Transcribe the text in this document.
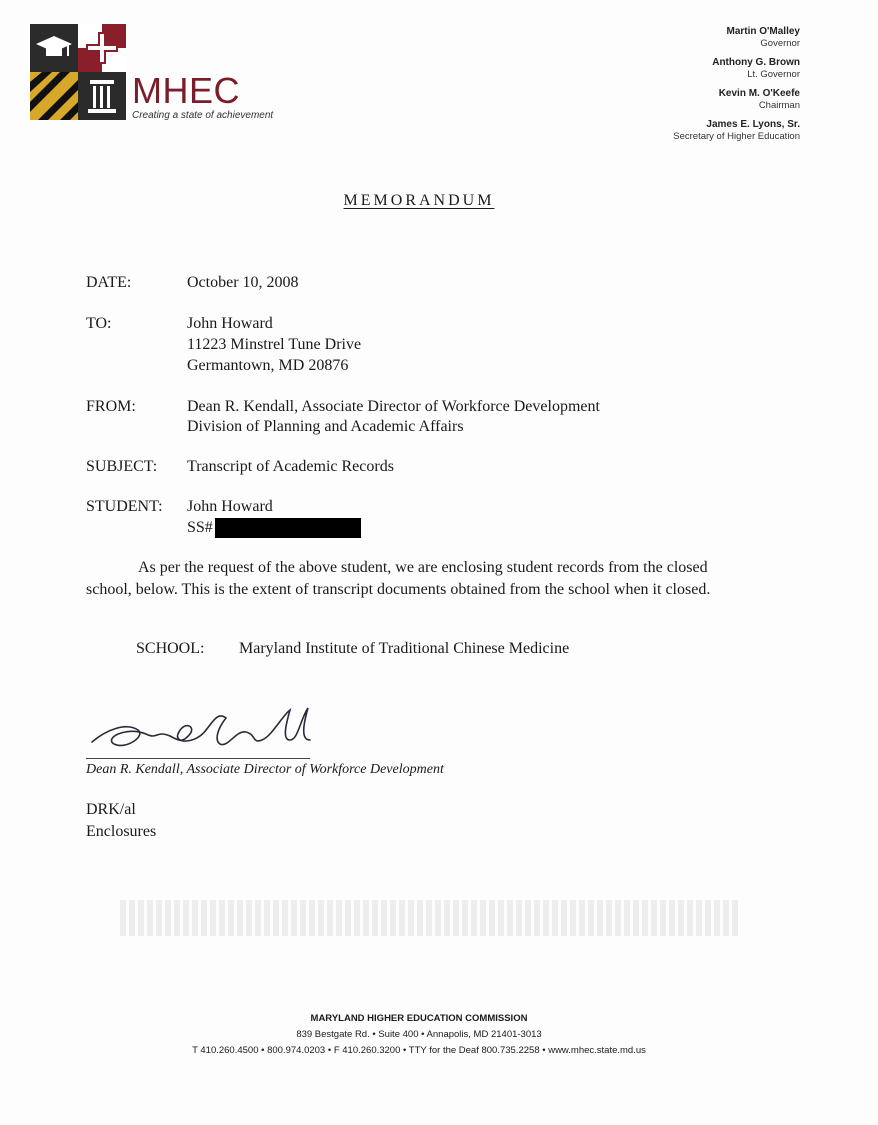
MHEC
Creating a state of achievement
Martin O'Malley
Governor
Anthony G. Brown
Lt. Governor
Kevin M. O'Keefe
Chairman
James E. Lyons, Sr.
Secretary of Higher Education
MEMORANDUM
DATE:	October 10, 2008
TO:	John Howard
11223 Minstrel Tune Drive
Germantown, MD 20876
FROM:	Dean R. Kendall, Associate Director of Workforce Development
Division of Planning and Academic Affairs
SUBJECT: Transcript of Academic Records
STUDENT: John Howard
SS#
As per the request of the above student, we are enclosing student records from the closed school, below. This is the extent of transcript documents obtained from the school when it closed.
SCHOOL: Maryland Institute of Traditional Chinese Medicine
Dean R. Kendall, Associate Director of Workforce Development
DRK/al
Enclosures
MARYLAND HIGHER EDUCATION COMMISSION
839 Bestgate Rd. • Suite 400 • Annapolis, MD 21401-3013
T 410.260.4500 • 800.974.0203 • F 410.260.3200 • TTY for the Deaf 800.735.2258 • www.mhec.state.md.us
